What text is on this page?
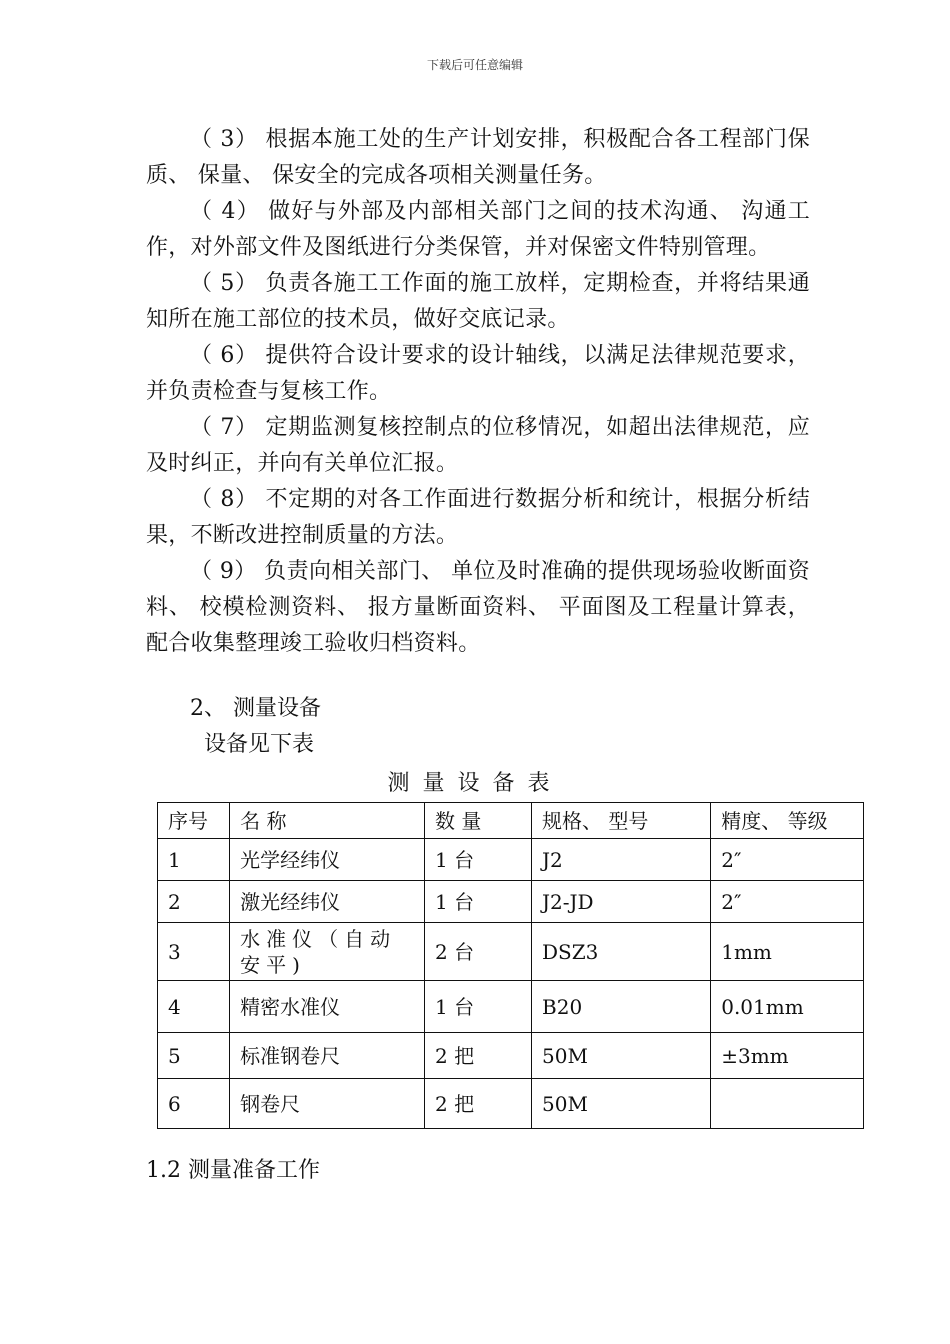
下载后可任意编辑
（ 3） 根据本施工处的生产计划安排，积极配合各工程部门保质、 保量、 保安全的完成各项相关测量任务。
（ 4） 做好与外部及内部相关部门之间的技术沟通、 沟通工作，对外部文件及图纸进行分类保管，并对保密文件特别管理。
（ 5） 负责各施工工作面的施工放样，定期检查，并将结果通知所在施工部位的技术员，做好交底记录。
（ 6） 提供符合设计要求的设计轴线，以满足法律规范要求，并负责检查与复核工作。
（ 7） 定期监测复核控制点的位移情况，如超出法律规范，应及时纠正，并向有关单位汇报。
（ 8） 不定期的对各工作面进行数据分析和统计，根据分析结果，不断改进控制质量的方法。
（ 9） 负责向相关部门、 单位及时准确的提供现场验收断面资料、 校模检测资料、 报方量断面资料、 平面图及工程量计算表，配合收集整理竣工验收归档资料。
2、 测量设备
设备见下表
测量设备表
序号	名 称	数 量	规格、 型号	精度、 等级
1	光学经纬仪	1 台	J2	2″
2	激光经纬仪	1 台	J2-JD	2″
3	水准仪（自动安平)	2 台	DSZ3	1mm
4	精密水准仪	1 台	B20	0.01mm
5	标准钢卷尺	2 把	50M	±3mm
6	钢卷尺	2 把	50M	
1.2 测量准备工作
